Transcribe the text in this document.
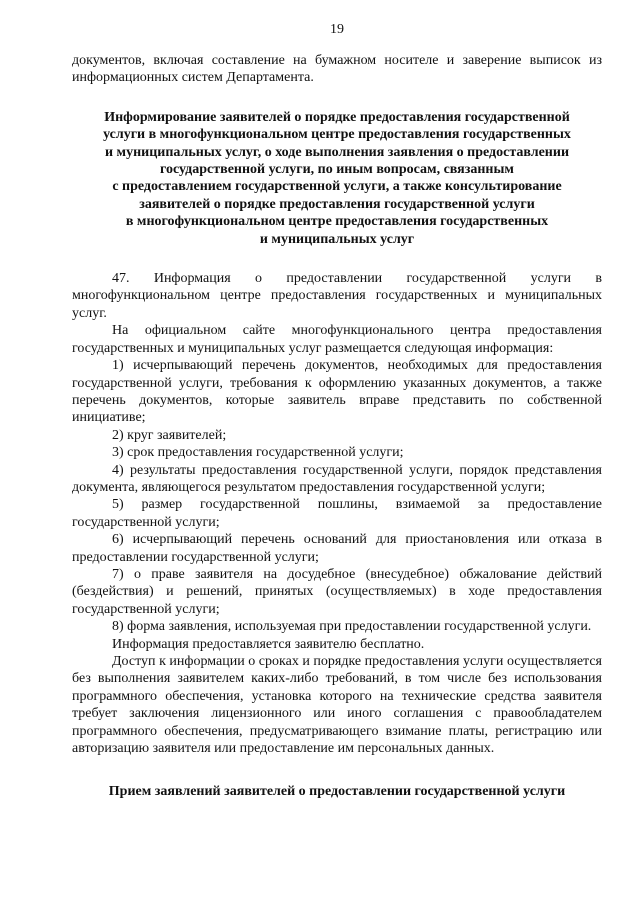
19

документов, включая составление на бумажном носителе и заверение выписок из информационных систем Департамента.

Информирование заявителей о порядке предоставления государственной
услуги в многофункциональном центре предоставления государственных
и муниципальных услуг, о ходе выполнения заявления о предоставлении
государственной услуги, по иным вопросам, связанным
с предоставлением государственной услуги, а также консультирование
заявителей о порядке предоставления государственной услуги
в многофункциональном центре предоставления государственных
и муниципальных услуг

47. Информация о предоставлении государственной услуги в многофункциональном центре предоставления государственных и муниципальных услуг.

На официальном сайте многофункционального центра предоставления государственных и муниципальных услуг размещается следующая информация:

1) исчерпывающий перечень документов, необходимых для предоставления государственной услуги, требования к оформлению указанных документов, а также перечень документов, которые заявитель вправе представить по собственной инициативе;

2) круг заявителей;

3) срок предоставления государственной услуги;

4) результаты предоставления государственной услуги, порядок представления документа, являющегося результатом предоставления государственной услуги;

5) размер государственной пошлины, взимаемой за предоставление государственной услуги;

6) исчерпывающий перечень оснований для приостановления или отказа в предоставлении государственной услуги;

7) о праве заявителя на досудебное (внесудебное) обжалование действий (бездействия) и решений, принятых (осуществляемых) в ходе предоставления государственной услуги;

8) форма заявления, используемая при предоставлении государственной услуги.

Информация предоставляется заявителю бесплатно.

Доступ к информации о сроках и порядке предоставления услуги осуществляется без выполнения заявителем каких-либо требований, в том числе без использования программного обеспечения, установка которого на технические средства заявителя требует заключения лицензионного или иного соглашения с правообладателем программного обеспечения, предусматривающего взимание платы, регистрацию или авторизацию заявителя или предоставление им персональных данных.

Прием заявлений заявителей о предоставлении государственной услуги
